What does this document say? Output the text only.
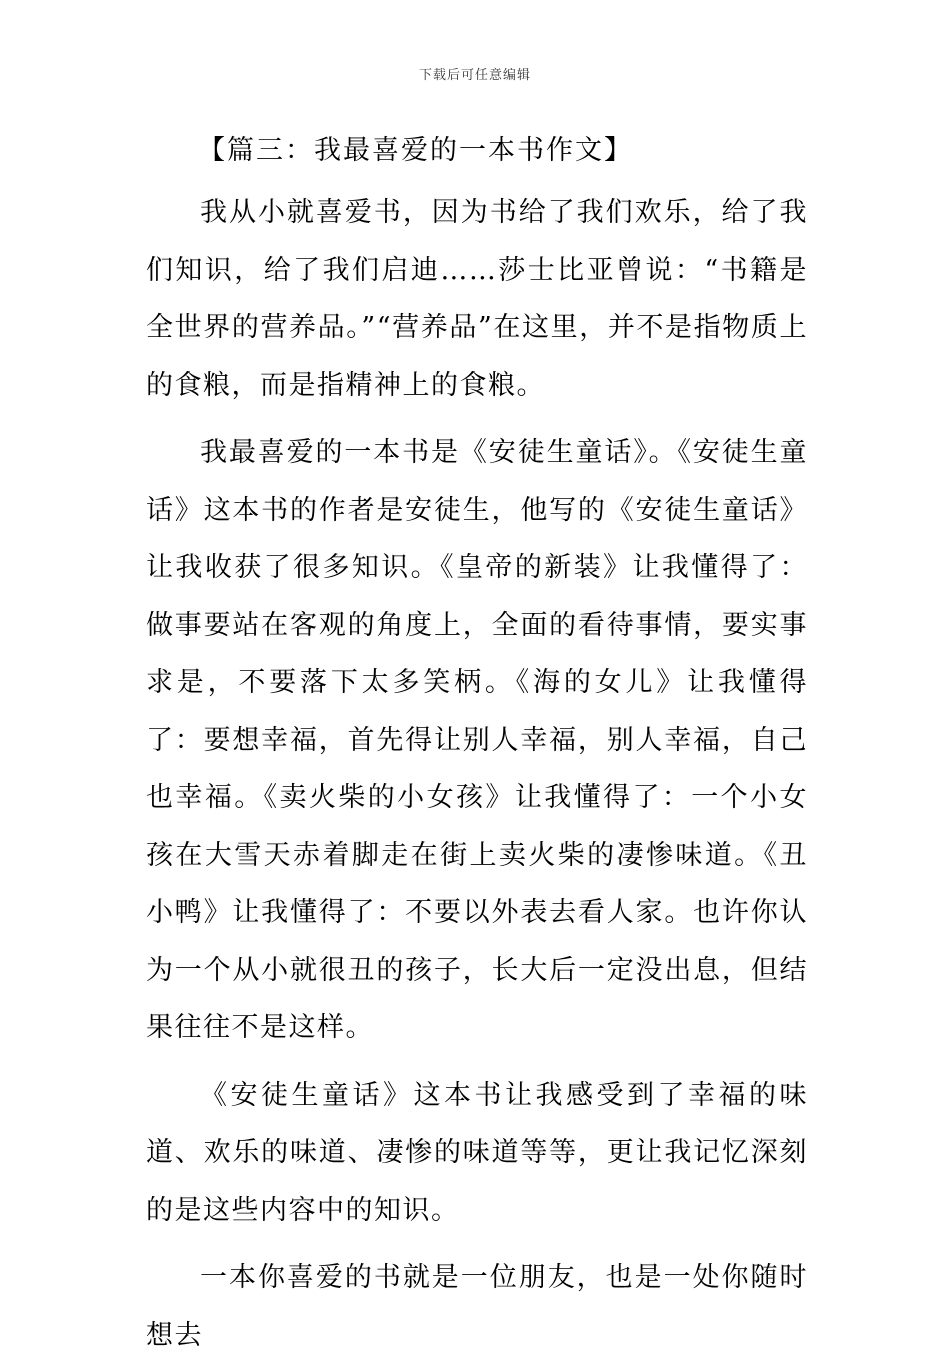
下载后可任意编辑
【篇三：我最喜爱的一本书作文】

我从小就喜爱书，因为书给了我们欢乐，给了我们知识，给了我们启迪……莎士比亚曾说：“书籍是全世界的营养品。”“营养品”在这里，并不是指物质上的食粮，而是指精神上的食粮。

我最喜爱的一本书是《安徒生童话》。《安徒生童话》这本书的作者是安徒生，他写的《安徒生童话》让我收获了很多知识。《皇帝的新装》让我懂得了：做事要站在客观的角度上，全面的看待事情，要实事求是，不要落下太多笑柄。《海的女儿》让我懂得了：要想幸福，首先得让别人幸福，别人幸福，自己也幸福。《卖火柴的小女孩》让我懂得了：一个小女孩在大雪天赤着脚走在街上卖火柴的凄惨味道。《丑小鸭》让我懂得了：不要以外表去看人家。也许你认为一个从小就很丑的孩子，长大后一定没出息，但结果往往不是这样。

《安徒生童话》这本书让我感受到了幸福的味道、欢乐的味道、凄惨的味道等等，更让我记忆深刻的是这些内容中的知识。

一本你喜爱的书就是一位朋友，也是一处你随时想去
